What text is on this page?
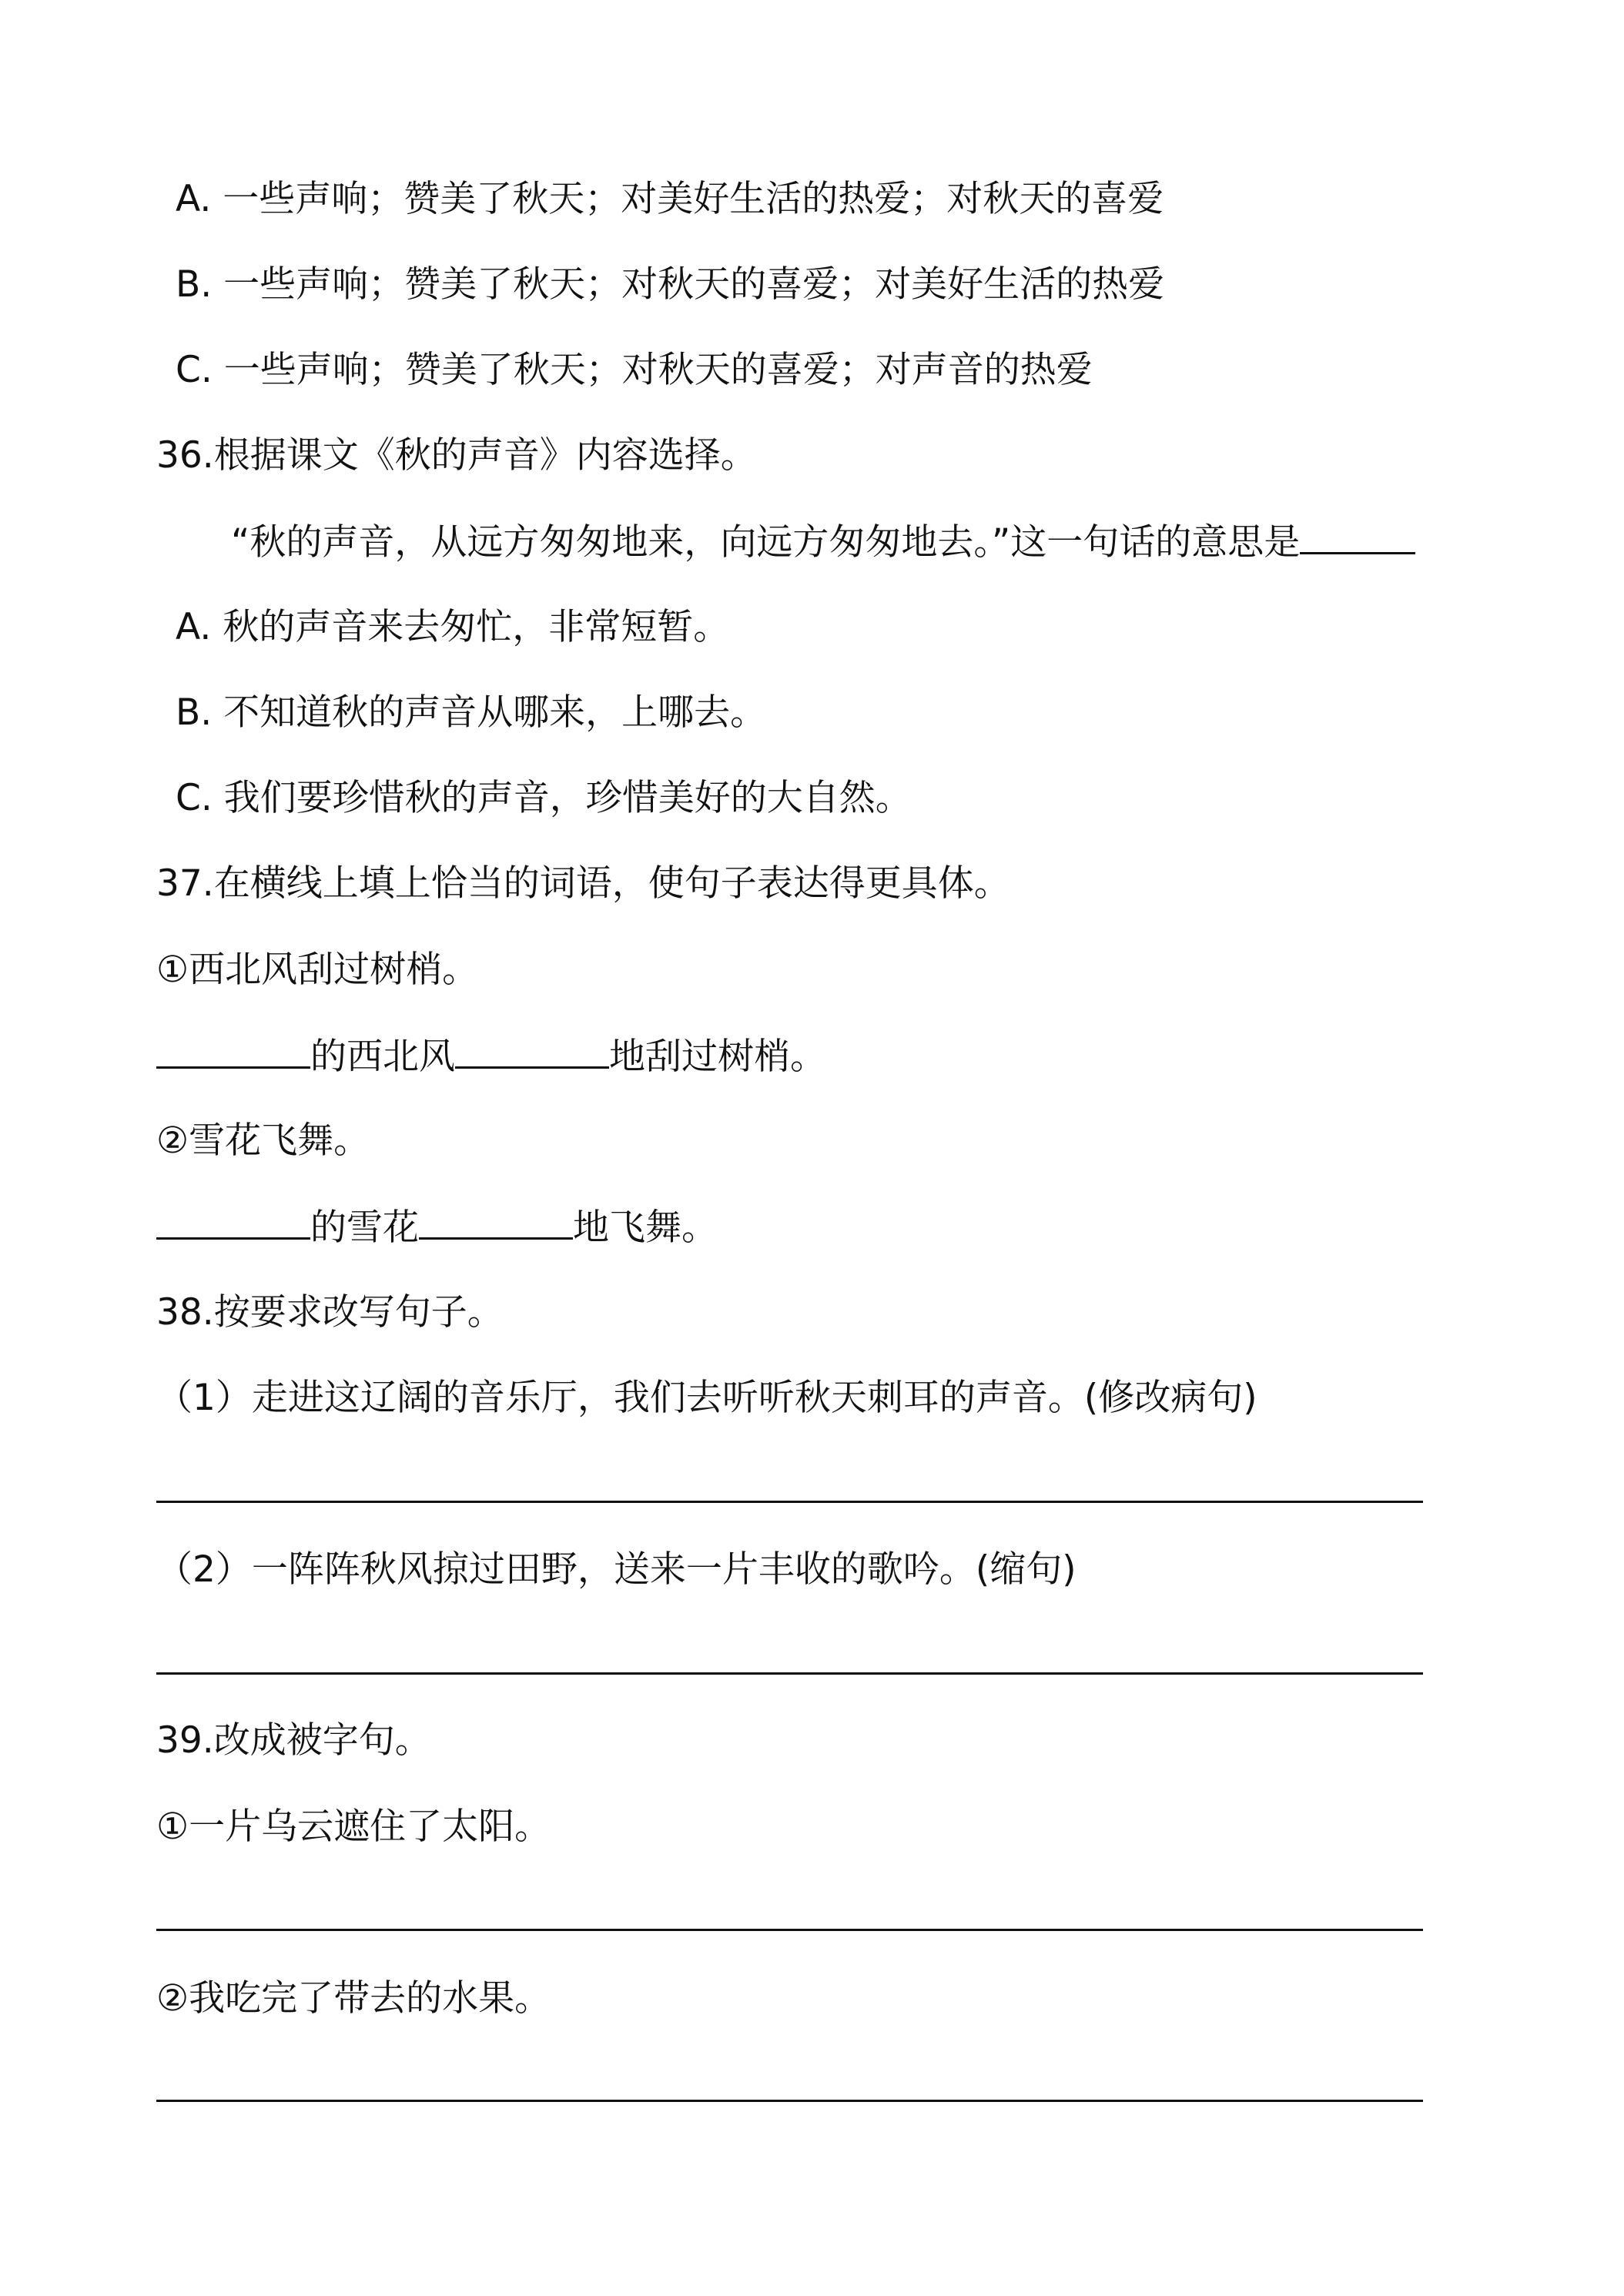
A. 一些声响；赞美了秋天；对美好生活的热爱；对秋天的喜爱
B. 一些声响；赞美了秋天；对秋天的喜爱；对美好生活的热爱
C. 一些声响；赞美了秋天；对秋天的喜爱；对声音的热爱
36.根据课文《秋的声音》内容选择。
“秋的声音，从远方匆匆地来，向远方匆匆地去。”这一句话的意思是
A. 秋的声音来去匆忙，非常短暂。
B. 不知道秋的声音从哪来，上哪去。
C. 我们要珍惜秋的声音，珍惜美好的大自然。
37.在横线上填上恰当的词语，使句子表达得更具体。
①西北风刮过树梢。
的西北风	地刮过树梢。
②雪花飞舞。
的雪花	地飞舞。
38.按要求改写句子。
（1）走进这辽阔的音乐厅，我们去听听秋天刺耳的声音。(修改病句)
（2）一阵阵秋风掠过田野，送来一片丰收的歌吟。(缩句)
39.改成被字句。
①一片乌云遮住了太阳。
②我吃完了带去的水果。
